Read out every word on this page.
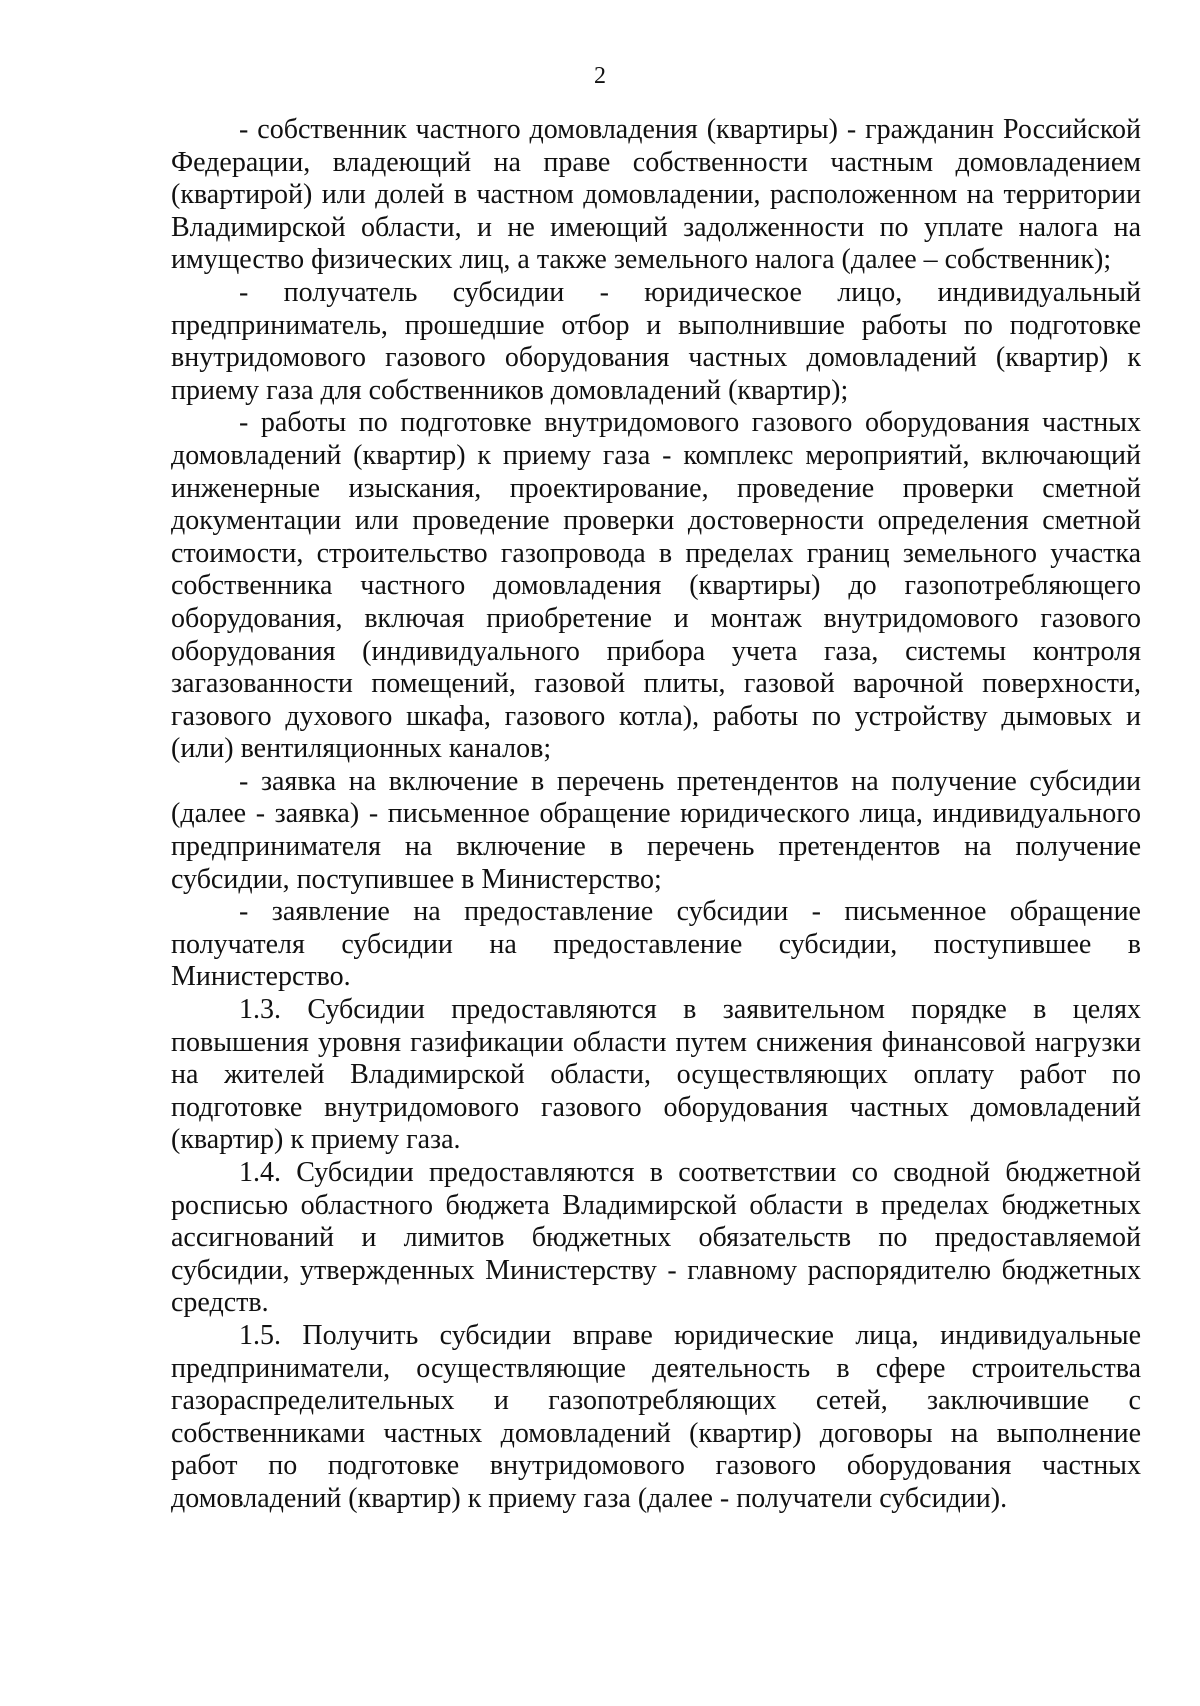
2

- собственник частного домовладения (квартиры) - гражданин Российской Федерации, владеющий на праве собственности частным домовладением (квартирой) или долей в частном домовладении, расположенном на территории Владимирской области, и не имеющий задолженности по уплате налога на имущество физических лиц, а также земельного налога (далее – собственник);

- получатель субсидии - юридическое лицо, индивидуальный предприниматель, прошедшие отбор и выполнившие работы по подготовке внутридомового газового оборудования частных домовладений (квартир) к приему газа для собственников домовладений (квартир);

- работы по подготовке внутридомового газового оборудования частных домовладений (квартир) к приему газа - комплекс мероприятий, включающий инженерные изыскания, проектирование, проведение проверки сметной документации или проведение проверки достоверности определения сметной стоимости, строительство газопровода в пределах границ земельного участка собственника частного домовладения (квартиры) до газопотребляющего оборудования, включая приобретение и монтаж внутридомового газового оборудования (индивидуального прибора учета газа, системы контроля загазованности помещений, газовой плиты, газовой варочной поверхности, газового духового шкафа, газового котла), работы по устройству дымовых и (или) вентиляционных каналов;

- заявка на включение в перечень претендентов на получение субсидии (далее - заявка) - письменное обращение юридического лица, индивидуального предпринимателя на включение в перечень претендентов на получение субсидии, поступившее в Министерство;

- заявление на предоставление субсидии - письменное обращение получателя субсидии на предоставление субсидии, поступившее в Министерство.

1.3. Субсидии предоставляются в заявительном порядке в целях повышения уровня газификации области путем снижения финансовой нагрузки на жителей Владимирской области, осуществляющих оплату работ по подготовке внутридомового газового оборудования частных домовладений (квартир) к приему газа.

1.4. Субсидии предоставляются в соответствии со сводной бюджетной росписью областного бюджета Владимирской области в пределах бюджетных ассигнований и лимитов бюджетных обязательств по предоставляемой субсидии, утвержденных Министерству - главному распорядителю бюджетных средств.

1.5. Получить субсидии вправе юридические лица, индивидуальные предприниматели, осуществляющие деятельность в сфере строительства газораспределительных и газопотребляющих сетей, заключившие с собственниками частных домовладений (квартир) договоры на выполнение работ по подготовке внутридомового газового оборудования частных домовладений (квартир) к приему газа (далее - получатели субсидии).
